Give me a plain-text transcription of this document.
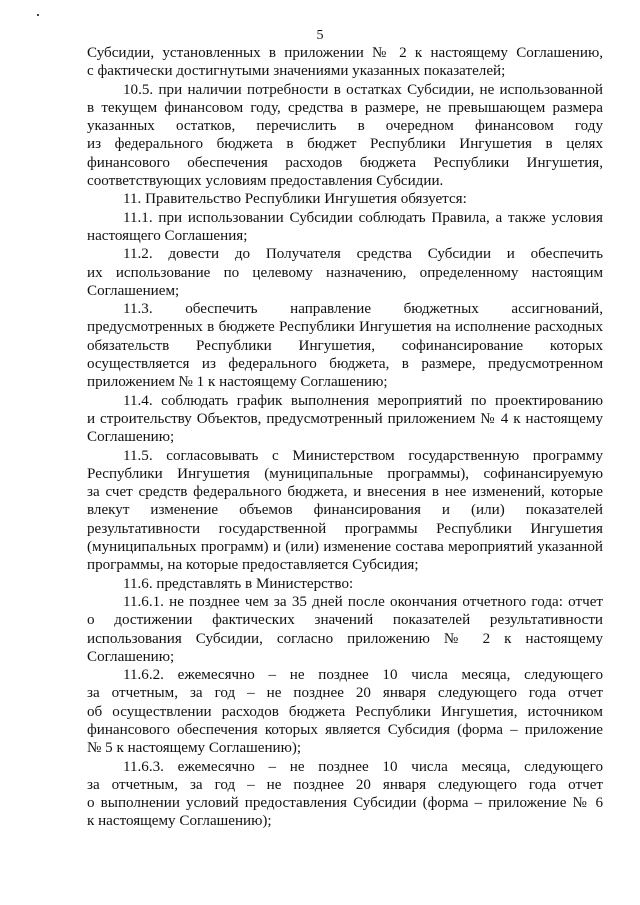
5
Субсидии, установленных в приложении № 2 к настоящему Соглашению,
с фактически достигнутыми значениями указанных показателей;
10.5. при наличии потребности в остатках Субсидии, не использованной
в текущем финансовом году, средства в размере, не превышающем размера
указанных остатков, перечислить в очередном финансовом году
из федерального бюджета в бюджет Республики Ингушетия в целях
финансового обеспечения расходов бюджета Республики Ингушетия,
соответствующих условиям предоставления Субсидии.
11. Правительство Республики Ингушетия обязуется:
11.1. при использовании Субсидии соблюдать Правила, а также условия
настоящего Соглашения;
11.2. довести до Получателя средства Субсидии и обеспечить
их использование по целевому назначению, определенному настоящим
Соглашением;
11.3. обеспечить направление бюджетных ассигнований,
предусмотренных в бюджете Республики Ингушетия на исполнение расходных
обязательств Республики Ингушетия, софинансирование которых
осуществляется из федерального бюджета, в размере, предусмотренном
приложением № 1 к настоящему Соглашению;
11.4. соблюдать график выполнения мероприятий по проектированию
и строительству Объектов, предусмотренный приложением № 4 к настоящему
Соглашению;
11.5. согласовывать с Министерством государственную программу
Республики Ингушетия (муниципальные программы), софинансируемую
за счет средств федерального бюджета, и внесения в нее изменений, которые
влекут изменение объемов финансирования и (или) показателей
результативности государственной программы Республики Ингушетия
(муниципальных программ) и (или) изменение состава мероприятий указанной
программы, на которые предоставляется Субсидия;
11.6. представлять в Министерство:
11.6.1. не позднее чем за 35 дней после окончания отчетного года: отчет
о достижении фактических значений показателей результативности
использования Субсидии, согласно приложению № 2 к настоящему
Соглашению;
11.6.2. ежемесячно – не позднее 10 числа месяца, следующего
за отчетным, за год – не позднее 20 января следующего года отчет
об осуществлении расходов бюджета Республики Ингушетия, источником
финансового обеспечения которых является Субсидия (форма – приложение
№ 5 к настоящему Соглашению);
11.6.3. ежемесячно – не позднее 10 числа месяца, следующего
за отчетным, за год – не позднее 20 января следующего года отчет
о выполнении условий предоставления Субсидии (форма – приложение № 6
к настоящему Соглашению);
